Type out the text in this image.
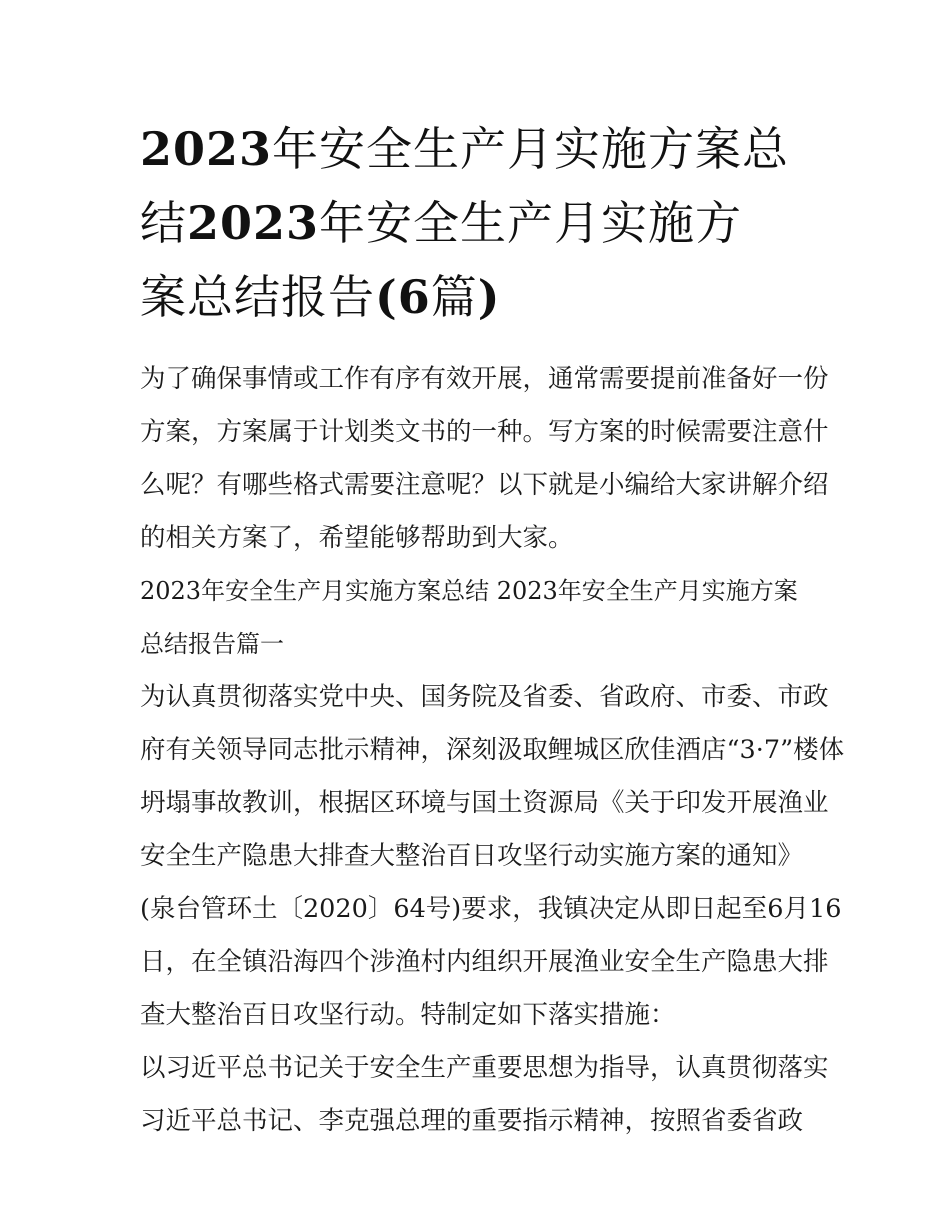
2023年安全生产月实施方案总
结2023年安全生产月实施方
案总结报告(6篇)
为了确保事情或工作有序有效开展，通常需要提前准备好一份
方案，方案属于计划类文书的一种。写方案的时候需要注意什
么呢？有哪些格式需要注意呢？以下就是小编给大家讲解介绍
的相关方案了，希望能够帮助到大家。
2023年安全生产月实施方案总结 2023年安全生产月实施方案
总结报告篇一
为认真贯彻落实党中央、国务院及省委、省政府、市委、市政
府有关领导同志批示精神，深刻汲取鲤城区欣佳酒店“3·7”楼体
坍塌事故教训，根据区环境与国土资源局《关于印发开展渔业
安全生产隐患大排查大整治百日攻坚行动实施方案的通知》
(泉台管环土〔2020〕64号)要求，我镇决定从即日起至6月16
日，在全镇沿海四个涉渔村内组织开展渔业安全生产隐患大排
查大整治百日攻坚行动。特制定如下落实措施：
以习近平总书记关于安全生产重要思想为指导，认真贯彻落实
习近平总书记、李克强总理的重要指示精神，按照省委省政
